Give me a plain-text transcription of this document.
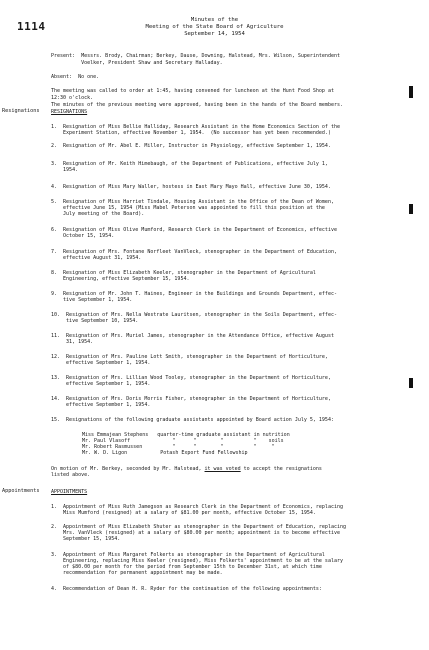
1114	Minutes of the
Meeting of the State Board of Agriculture
September 14, 1954
Present:  Messrs. Brody, Chairman; Berkey, Dause, Downing, Halstead, Mrs. Wilson, Superintendent
Voelker, President Shaw and Secretary Halladay.
Absent:  No one.
The meeting was called to order at 1:45, having convened for luncheon at the Hunt Food Shop at
12:30 o'clock.
The minutes of the previous meeting were approved, having been in the hands of the Board members.
Resignations RESIGNATIONS
1.  Resignation of Miss Bellie Halliday, Research Assistant in the Home Economics Section of the
Experiment Station, effective November 1, 1954.  (No successor has yet been recommended.)
2.  Resignation of Mr. Abel E. Miller, Instructor in Physiology, effective September 1, 1954.
3.  Resignation of Mr. Keith Himebaugh, of the Department of Publications, effective July 1,
1954.
4.  Resignation of Miss Mary Waller, hostess in East Mary Mayo Hall, effective June 30, 1954.
5.  Resignation of Miss Harriet Tindale, Housing Assistant in the Office of the Dean of Women,
effective June 15, 1954 (Miss Mabel Peterson was appointed to fill this position at the
July meeting of the Board).
6.  Resignation of Miss Olive Mumford, Research Clerk in the Department of Economics, effective
October 15, 1954.
7.  Resignation of Mrs. Fontane Norfleet VanVleck, stenographer in the Department of Education,
effective August 31, 1954.
8.  Resignation of Miss Elizabeth Keeler, stenographer in the Department of Agricultural
Engineering, effective September 15, 1954.
9.  Resignation of Mr. John T. Haines, Engineer in the Buildings and Grounds Department, effec-
tive September 1, 1954.
10.  Resignation of Mrs. Nella Westrate Lauritsen, stenographer in the Soils Department, effec-
tive September 10, 1954.
11.  Resignation of Mrs. Muriel James, stenographer in the Attendance Office, effective August
31, 1954.
12.  Resignation of Mrs. Pauline Lott Smith, stenographer in the Department of Horticulture,
effective September 1, 1954.
13.  Resignation of Mrs. Lillian Wood Tooley, stenographer in the Department of Horticulture,
effective September 1, 1954.
14.  Resignation of Mrs. Doris Morris Fisher, stenographer in the Department of Horticulture,
effective September 1, 1954.
15.  Resignations of the following graduate assistants appointed by Board action July 5, 1954:
Miss Emmajean Stephens   quarter-time graduate assistant in nutrition
Mr. Paul Vlasoff              "      "        "          "    soils
Mr. Robert Rasmussen          "      "        "          "     "
Mr. W. D. Ligon           Potash Export Fund Fellowship
On motion of Mr. Berkey, seconded by Mr. Halstead, it was voted to accept the resignations
listed above.
Appointments APPOINTMENTS
1.  Appointment of Miss Ruth Jamegson as Research Clerk in the Department of Economics, replacing
Miss Mumford (resigned) at a salary of $81.00 per month, effective October 15, 1954.
2.  Appointment of Miss Elizabeth Shuter as stenographer in the Department of Education, replacing
Mrs. VanVleck (resigned) at a salary of $80.00 per month; appointment is to become effective
September 15, 1954.
3.  Appointment of Miss Margaret Folkerts as stenographer in the Department of Agricultural
Engineering, replacing Miss Keeler (resigned), Miss Folkerts' appointment to be at the salary
of $80.00 per month for the period from September 15th to December 31st, at which time
recommendation for permanent appointment may be made.
4.  Recommendation of Dean H. R. Ryder for the continuation of the following appointments:
